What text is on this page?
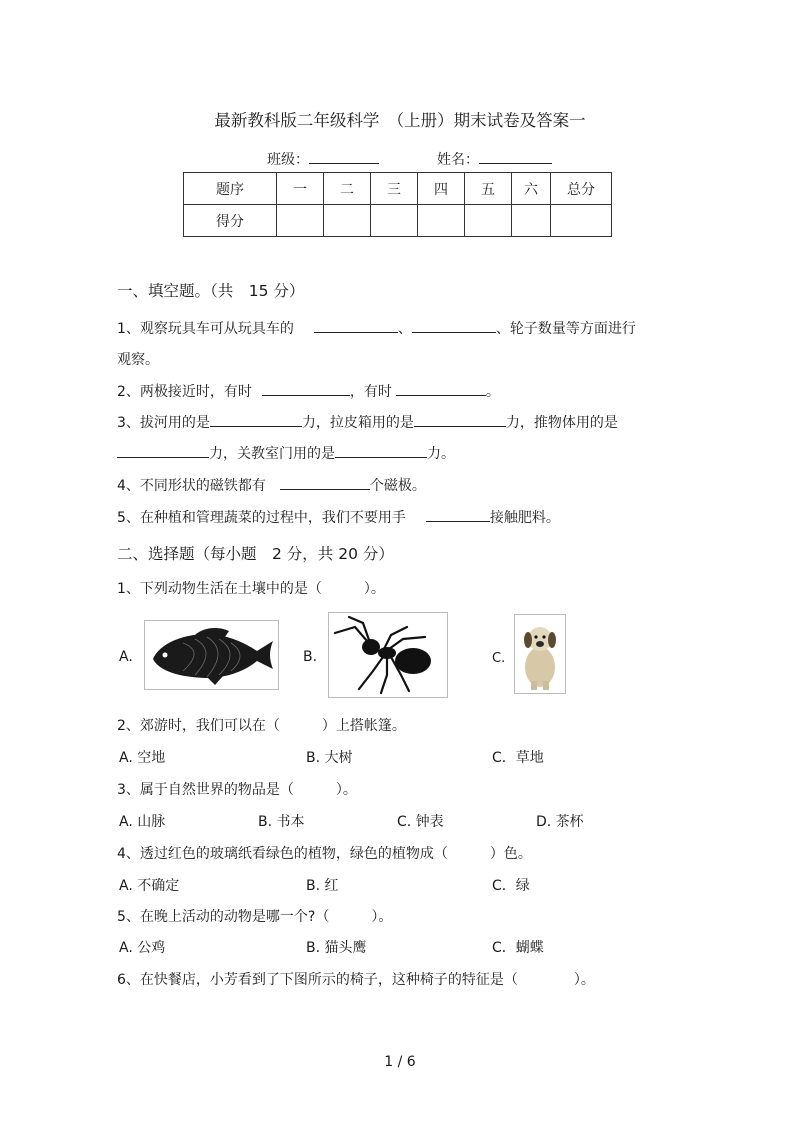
最新教科版二年级科学　（上册）期末试卷及答案一
班级：	姓名：
题序	一	二	三	四	五	六	总分
得分							
一、填空题。（共　15 分）
1、观察玩具车可从玩具车的	、	、轮子数量等方面进行
观察。
2、两极接近时，有时	，有时	。
3、拔河用的是	力，拉皮箱用的是	力，推物体用的是
力，关教室门用的是	力。
4、不同形状的磁铁都有	个磁极。
5、在种植和管理蔬菜的过程中，我们不要用手	接触肥料。
二、选择题（每小题　2 分，共 20 分）
1、下列动物生活在土壤中的是（　　　）。
A.	B.	C.
2、郊游时，我们可以在（　　　）上搭帐篷。
A. 空地	B. 大树	C．草地
3、属于自然世界的物品是（　　　）。
A. 山脉	B. 书本	C. 钟表	D. 茶杯
4、透过红色的玻璃纸看绿色的植物，绿色的植物成（　　　）色。
A. 不确定	B. 红	C．绿
5、在晚上活动的动物是哪一个?（　　　）。
A. 公鸡	B. 猫头鹰	C．蝴蝶
6、在快餐店，小芳看到了下图所示的椅子，这种椅子的特征是（　　　　）。
1 / 6
